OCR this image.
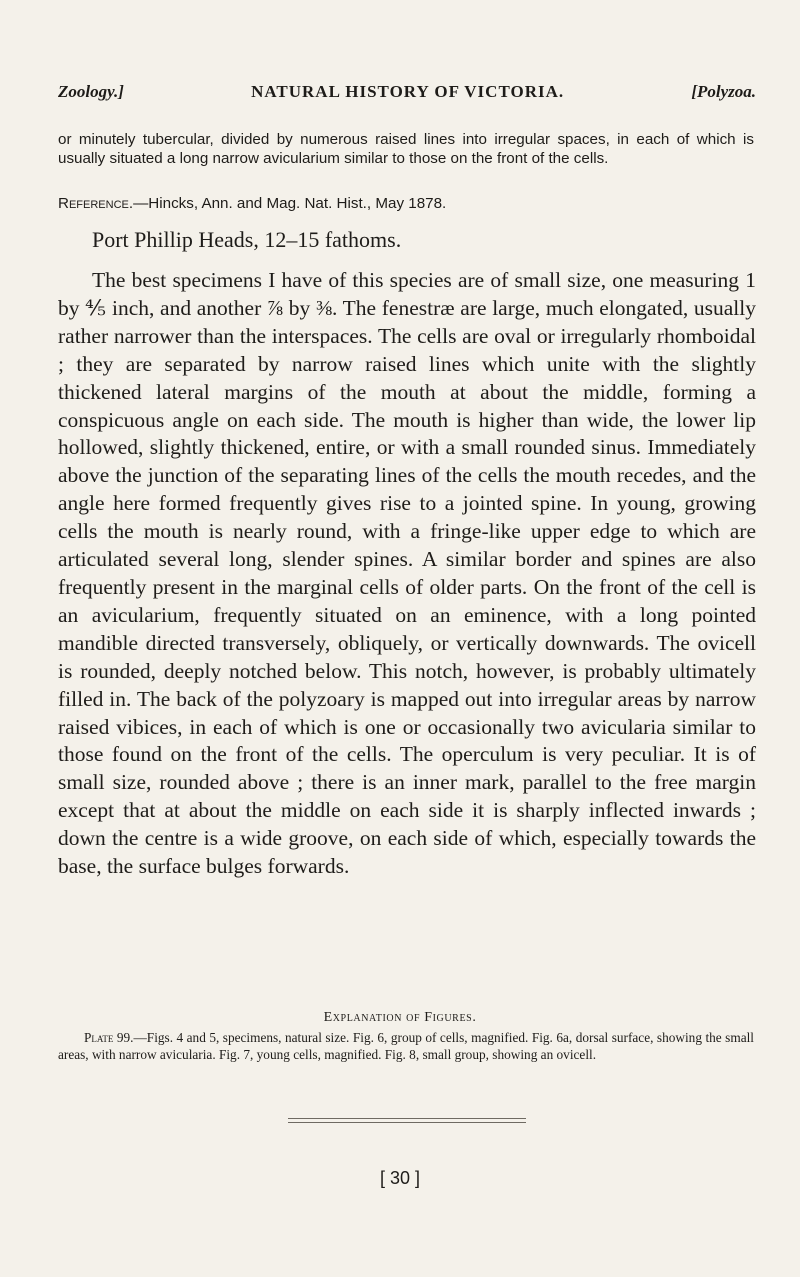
Zoology.]	NATURAL HISTORY OF VICTORIA.	[Polyzoa.

or minutely tubercular, divided by numerous raised lines into irregular spaces, in each of which is usually situated a long narrow avicularium similar to those on the front of the cells.

Reference.—Hincks, Ann. and Mag. Nat. Hist., May 1878.
Port Phillip Heads, 12–15 fathoms.

The best specimens I have of this species are of small size, one measuring 1 by ⅘ inch, and another ⅞ by ⅜. The fenestræ are large, much elongated, usually rather narrower than the interspaces. The cells are oval or irregularly rhomboidal ; they are separated by narrow raised lines which unite with the slightly thickened lateral margins of the mouth at about the middle, forming a conspicuous angle on each side. The mouth is higher than wide, the lower lip hollowed, slightly thickened, entire, or with a small rounded sinus. Immediately above the junction of the separating lines of the cells the mouth recedes, and the angle here formed frequently gives rise to a jointed spine. In young, growing cells the mouth is nearly round, with a fringe-like upper edge to which are articulated several long, slender spines. A similar border and spines are also frequently present in the marginal cells of older parts. On the front of the cell is an avicularium, frequently situated on an eminence, with a long pointed mandible directed transversely, obliquely, or vertically downwards. The ovicell is rounded, deeply notched below. This notch, however, is probably ultimately filled in. The back of the polyzoary is mapped out into irregular areas by narrow raised vibices, in each of which is one or occasionally two avicularia similar to those found on the front of the cells. The operculum is very peculiar. It is of small size, rounded above ; there is an inner mark, parallel to the free margin except that at about the middle on each side it is sharply inflected inwards ; down the centre is a wide groove, on each side of which, especially towards the base, the surface bulges forwards.

Explanation of Figures.

Plate 99.—Figs. 4 and 5, specimens, natural size. Fig. 6, group of cells, magnified. Fig. 6a, dorsal surface, showing the small areas, with narrow avicularia. Fig. 7, young cells, magnified. Fig. 8, small group, showing an ovicell.

[ 30 ]
